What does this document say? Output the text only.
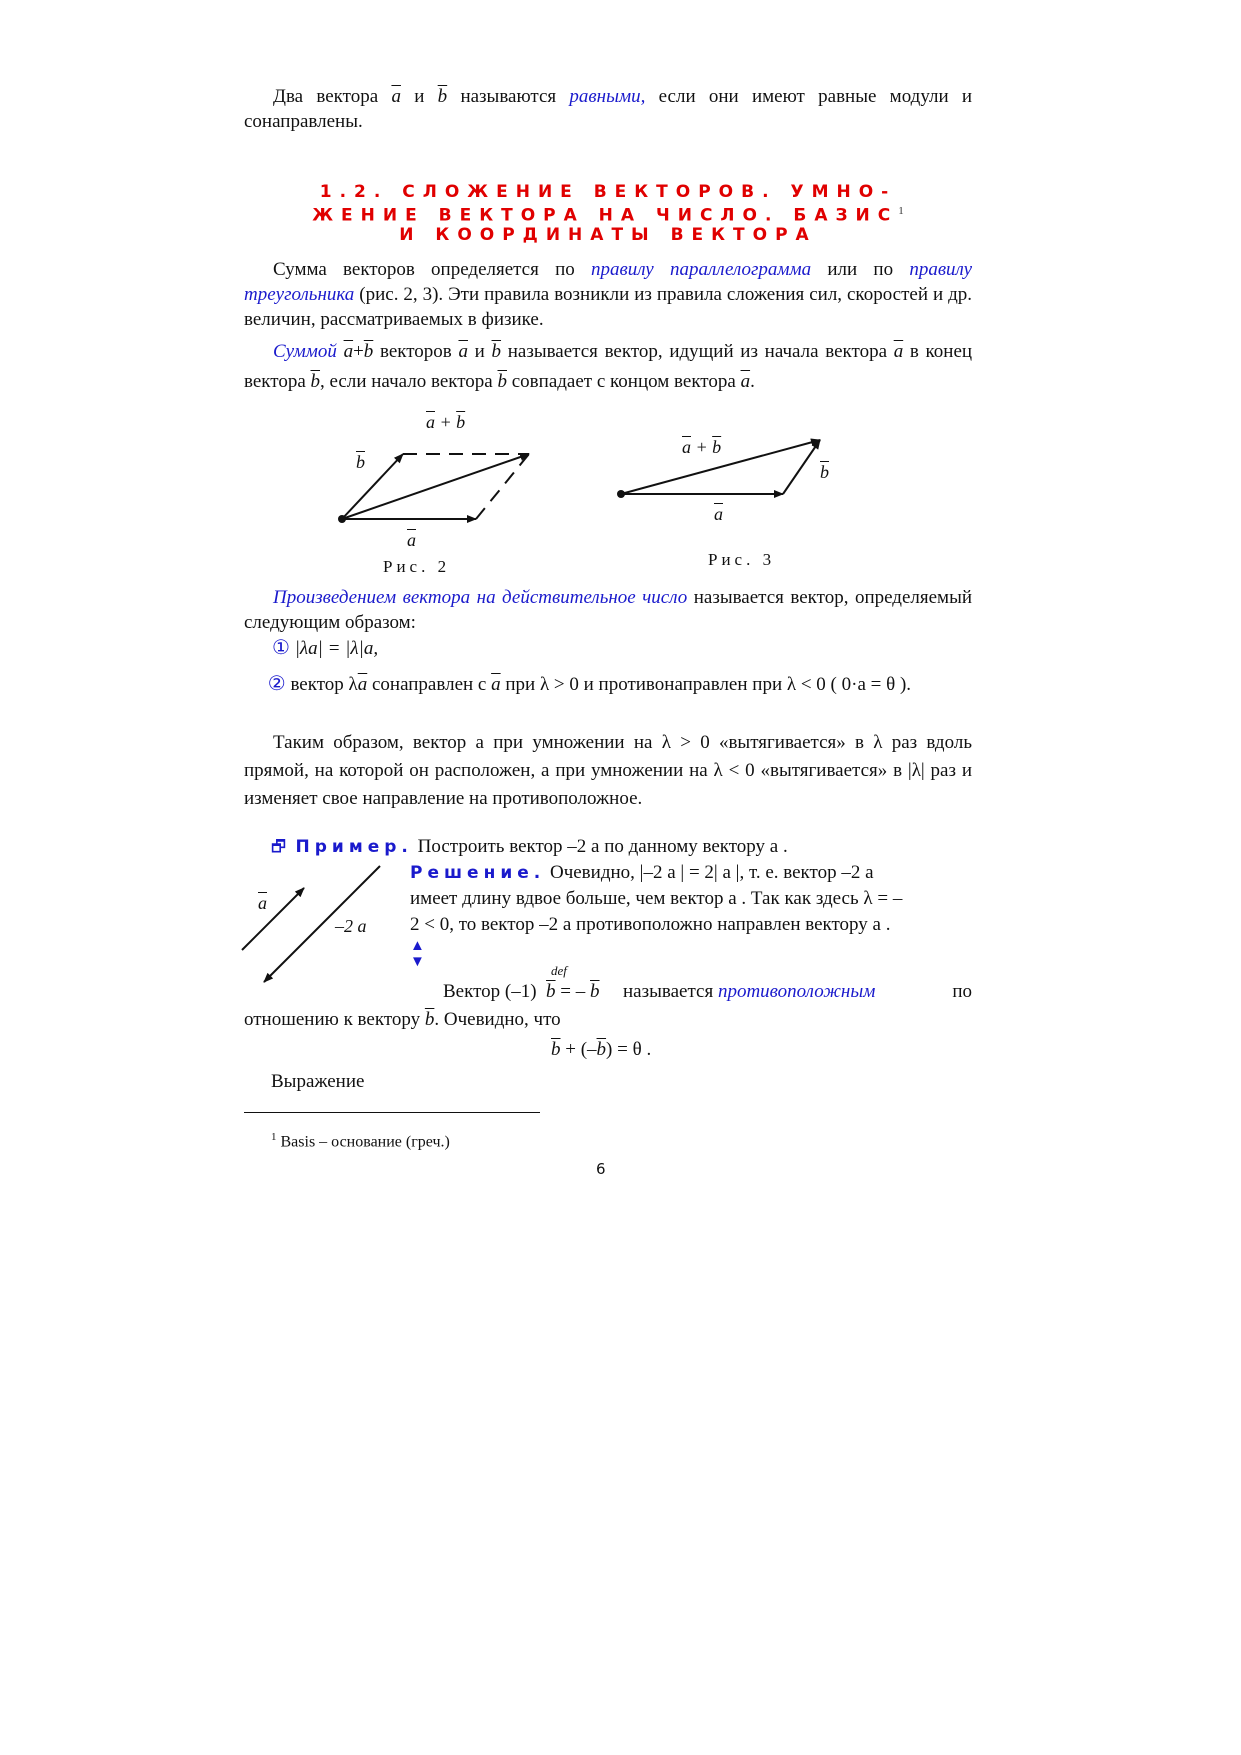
Два вектора $\overline{a}$ и $\overline{b}$ называются равными, если они имеют равные модули и сонаправлены.
1.2. СЛОЖЕНИЕ ВЕКТОРОВ. УМНО-
ЖЕНИЕ ВЕКТОРА НА ЧИСЛО. БАЗИС$^1$
И КООРДИНАТЫ ВЕКТОРА
Сумма векторов определяется по правилу параллелограмма или по правилу треугольника (рис. 2, 3). Эти правила возникли из правила сложения сил, скоростей и др. величин, рассматриваемых в физике.
Суммой $\overline{a}+\overline{b}$ векторов $\overline{a}$ и $\overline{b}$ называется вектор, идущий из начала вектора $\overline{a}$ в конец вектора $\overline{b}$, если начало вектора $\overline{b}$ совпадает с концом вектора $\overline{a}$.
$\overline{a} + \overline{b}$
$\overline{b}$
$\overline{a}$
Рис. 2
$\overline{a} + \overline{b}$
$\overline{b}$
$\overline{a}$
Рис. 3
Произведением вектора на действительное число называется вектор, определяемый следующим образом:
① |λa| = |λ|a,
② вектор $\lambda\overline{a}$ сонаправлен с $\overline{a}$ при λ > 0 и противонаправлен при λ < 0 ( 0·a = θ ).
Таким образом, вектор a при умножении на λ > 0 «вытягивается» в λ раз вдоль прямой, на которой он расположен, а при умножении на λ < 0 «вытягивается» в |λ| раз и изменяет свое направление на противоположное.
🗗 Пример. Построить вектор –2 a по данному вектору a .
$\overline{a}$
–2 a
Решение. Очевидно, |–2 a | = 2| a |, т. е. вектор –2 a
имеет длину вдвое больше, чем вектор a . Так как здесь λ = –
2 < 0, то вектор –2 a противоположно направлен вектору a .
▲
▼
def
Вектор (–1) $\overline{b}$ = – $\overline{b}$ называется противоположным	по
отношению к вектору $\overline{b}$. Очевидно, что
$\overline{b} + (-\overline{b}) = \theta$ .
Выражение
$^1$ Basis – основание (греч.)
6
